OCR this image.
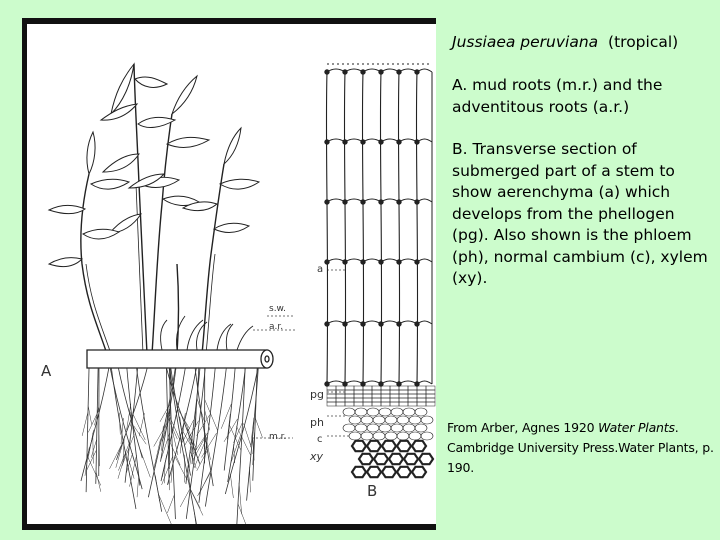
A
B
s.w.
a.r.
m.r.
a
pg
ph
c
xy

Jussiaea peruviana (tropical)

A. mud roots (m.r.) and the adventitous roots (a.r.)

B. Transverse section of submerged part of a stem to show aerenchyma (a) which develops from the phellogen (pg). Also shown is the phloem (ph), normal cambium (c), xylem (xy).

From Arber, Agnes 1920 Water Plants. Cambridge University Press.Water Plants, p. 190.
